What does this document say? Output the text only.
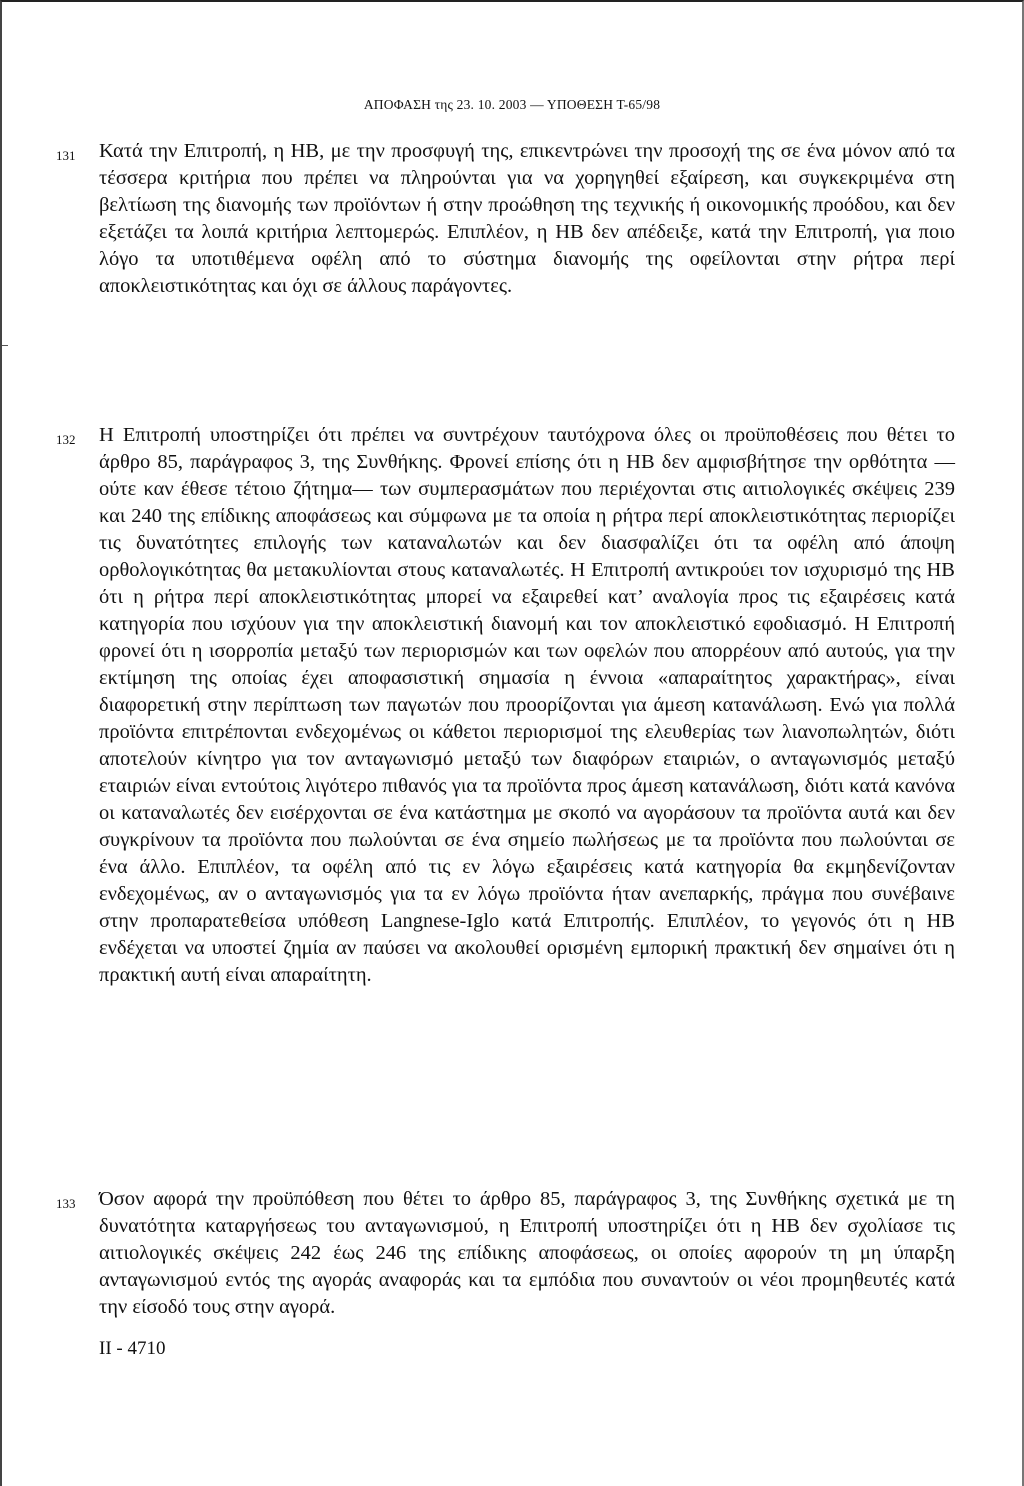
ΑΠΟΦΑΣΗ της 23. 10. 2003 — ΥΠΟΘΕΣΗ Τ-65/98
131 Κατά την Επιτροπή, η HB, με την προσφυγή της, επικεντρώνει την προσοχή της σε ένα μόνον από τα τέσσερα κριτήρια που πρέπει να πληρούνται για να χορηγηθεί εξαίρεση, και συγκεκριμένα στη βελτίωση της διανομής των προϊόντων ή στην προώθηση της τεχνικής ή οικονομικής προόδου, και δεν εξετάζει τα λοιπά κριτήρια λεπτομερώς. Επιπλέον, η HB δεν απέδειξε, κατά την Επιτροπή, για ποιο λόγο τα υποτιθέμενα οφέλη από το σύστημα διανομής της οφείλονται στην ρήτρα περί αποκλειστικότητας και όχι σε άλλους παράγοντες.

132 Η Επιτροπή υποστηρίζει ότι πρέπει να συντρέχουν ταυτόχρονα όλες οι προϋποθέσεις που θέτει το άρθρο 85, παράγραφος 3, της Συνθήκης. Φρονεί επίσης ότι η HB δεν αμφισβήτησε την ορθότητα —ούτε καν έθεσε τέτοιο ζήτημα— των συμπερασμάτων που περιέχονται στις αιτιολογικές σκέψεις 239 και 240 της επίδικης αποφάσεως και σύμφωνα με τα οποία η ρήτρα περί αποκλειστικότητας περιορίζει τις δυνατότητες επιλογής των καταναλωτών και δεν διασφαλίζει ότι τα οφέλη από άποψη ορθολογικότητας θα μετακυλίονται στους καταναλωτές. Η Επιτροπή αντικρούει τον ισχυρισμό της HB ότι η ρήτρα περί αποκλειστικότητας μπορεί να εξαιρεθεί κατ’ αναλογία προς τις εξαιρέσεις κατά κατηγορία που ισχύουν για την αποκλειστική διανομή και τον αποκλειστικό εφοδιασμό. Η Επιτροπή φρονεί ότι η ισορροπία μεταξύ των περιορισμών και των οφελών που απορρέουν από αυτούς, για την εκτίμηση της οποίας έχει αποφασιστική σημασία η έννοια «απαραίτητος χαρακτήρας», είναι διαφορετική στην περίπτωση των παγωτών που προορίζονται για άμεση κατανάλωση. Ενώ για πολλά προϊόντα επιτρέπονται ενδεχομένως οι κάθετοι περιορισμοί της ελευθερίας των λιανοπωλητών, διότι αποτελούν κίνητρο για τον ανταγωνισμό μεταξύ των διαφόρων εταιριών, ο ανταγωνισμός μεταξύ εταιριών είναι εντούτοις λιγότερο πιθανός για τα προϊόντα προς άμεση κατανάλωση, διότι κατά κανόνα οι καταναλωτές δεν εισέρχονται σε ένα κατάστημα με σκοπό να αγοράσουν τα προϊόντα αυτά και δεν συγκρίνουν τα προϊόντα που πωλούνται σε ένα σημείο πωλήσεως με τα προϊόντα που πωλούνται σε ένα άλλο. Επιπλέον, τα οφέλη από τις εν λόγω εξαιρέσεις κατά κατηγορία θα εκμηδενίζονταν ενδεχομένως, αν ο ανταγωνισμός για τα εν λόγω προϊόντα ήταν ανεπαρκής, πράγμα που συνέβαινε στην προπαρατεθείσα υπόθεση Langnese-Iglo κατά Επιτροπής. Επιπλέον, το γεγονός ότι η HB ενδέχεται να υποστεί ζημία αν παύσει να ακολουθεί ορισμένη εμπορική πρακτική δεν σημαίνει ότι η πρακτική αυτή είναι απαραίτητη.

133 Όσον αφορά την προϋπόθεση που θέτει το άρθρο 85, παράγραφος 3, της Συνθήκης σχετικά με τη δυνατότητα καταργήσεως του ανταγωνισμού, η Επιτροπή υποστηρίζει ότι η HB δεν σχολίασε τις αιτιολογικές σκέψεις 242 έως 246 της επίδικης αποφάσεως, οι οποίες αφορούν τη μη ύπαρξη ανταγωνισμού εντός της αγοράς αναφοράς και τα εμπόδια που συναντούν οι νέοι προμηθευτές κατά την είσοδό τους στην αγορά.

II - 4710
